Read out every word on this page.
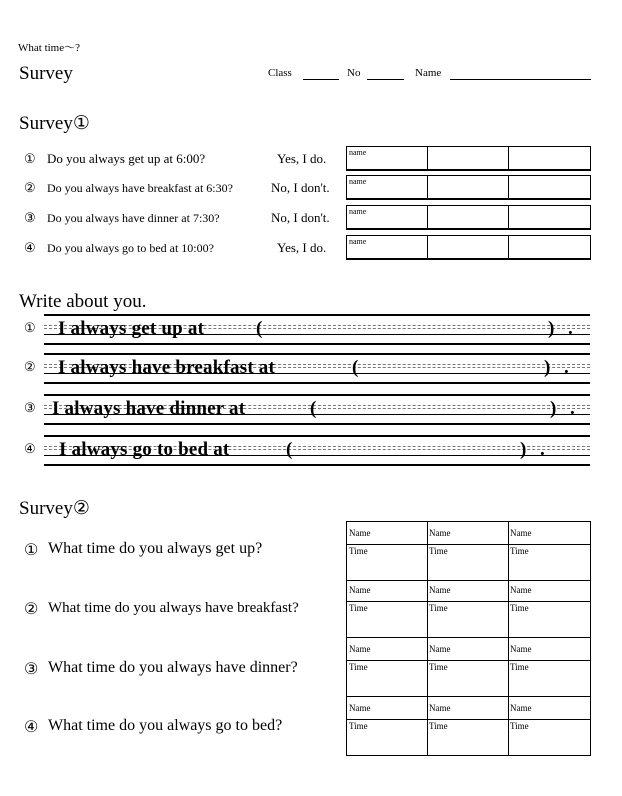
What time〜?
Survey	Class	No	Name
Survey①
① Do you always get up at 6:00?	Yes, I do.	name
② Do you always have breakfast at 6:30?	No, I don't. name
③ Do you always have dinner at 7:30?	No, I don't. name
④ Do you always go to bed at 10:00?	Yes, I do.	name
Write about you.
① I always get up at	(	) .
② I always have breakfast at	(	) .
③ I always have dinner at	(	) .
④ I always go to bed at	(	) .
Survey②
① What time do you always get up?
② What time do you always have breakfast?
③ What time do you always have dinner?
④ What time do you always go to bed?
Name	Name	Name
Time	Time	Time
Name	Name	Name
Time	Time	Time
Name	Name	Name
Time	Time	Time
Name	Name	Name
Time	Time	Time
